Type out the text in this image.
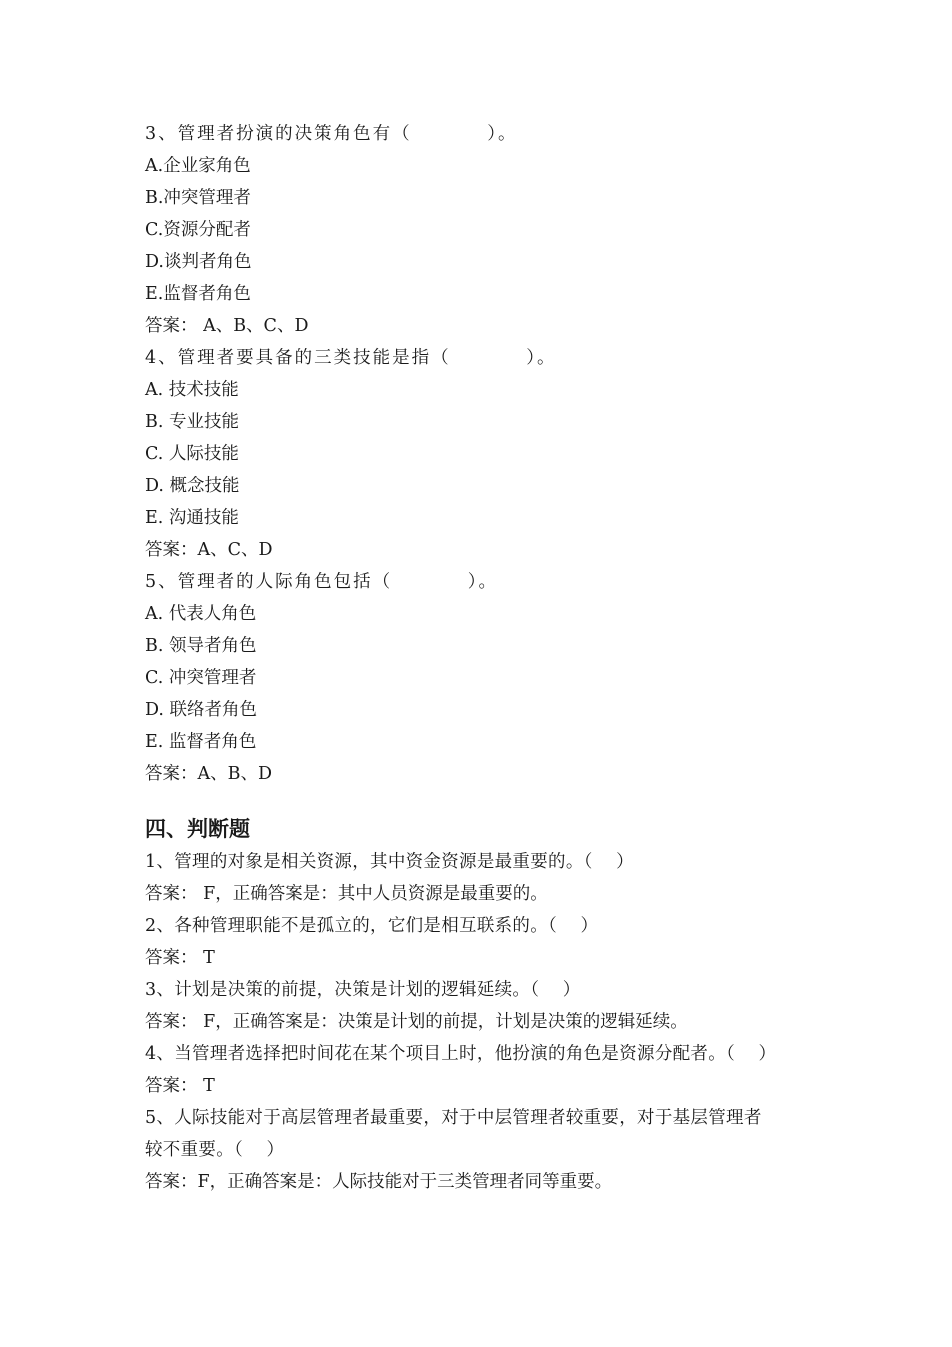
3、管理者扮演的决策角色有（          ）。
A.企业家角色
B.冲突管理者
C.资源分配者
D.谈判者角色
E.监督者角色
答案： A、B、C、D
4、管理者要具备的三类技能是指（          ）。
A. 技术技能
B. 专业技能
C. 人际技能
D. 概念技能
E. 沟通技能
答案：A、C、D
5、管理者的人际角色包括（          ）。
A. 代表人角色
B. 领导者角色
C. 冲突管理者
D. 联络者角色
E. 监督者角色
答案：A、B、D
四、判断题
1、管理的对象是相关资源，其中资金资源是最重要的。（    ）
答案： F，正确答案是：其中人员资源是最重要的。
2、各种管理职能不是孤立的，它们是相互联系的。（    ）
答案： T
3、计划是决策的前提，决策是计划的逻辑延续。（    ）
答案： F，正确答案是：决策是计划的前提，计划是决策的逻辑延续。
4、当管理者选择把时间花在某个项目上时，他扮演的角色是资源分配者。（    ）
答案： T
5、人际技能对于高层管理者最重要，对于中层管理者较重要，对于基层管理者
较不重要。（    ）
答案：F，正确答案是：人际技能对于三类管理者同等重要。
